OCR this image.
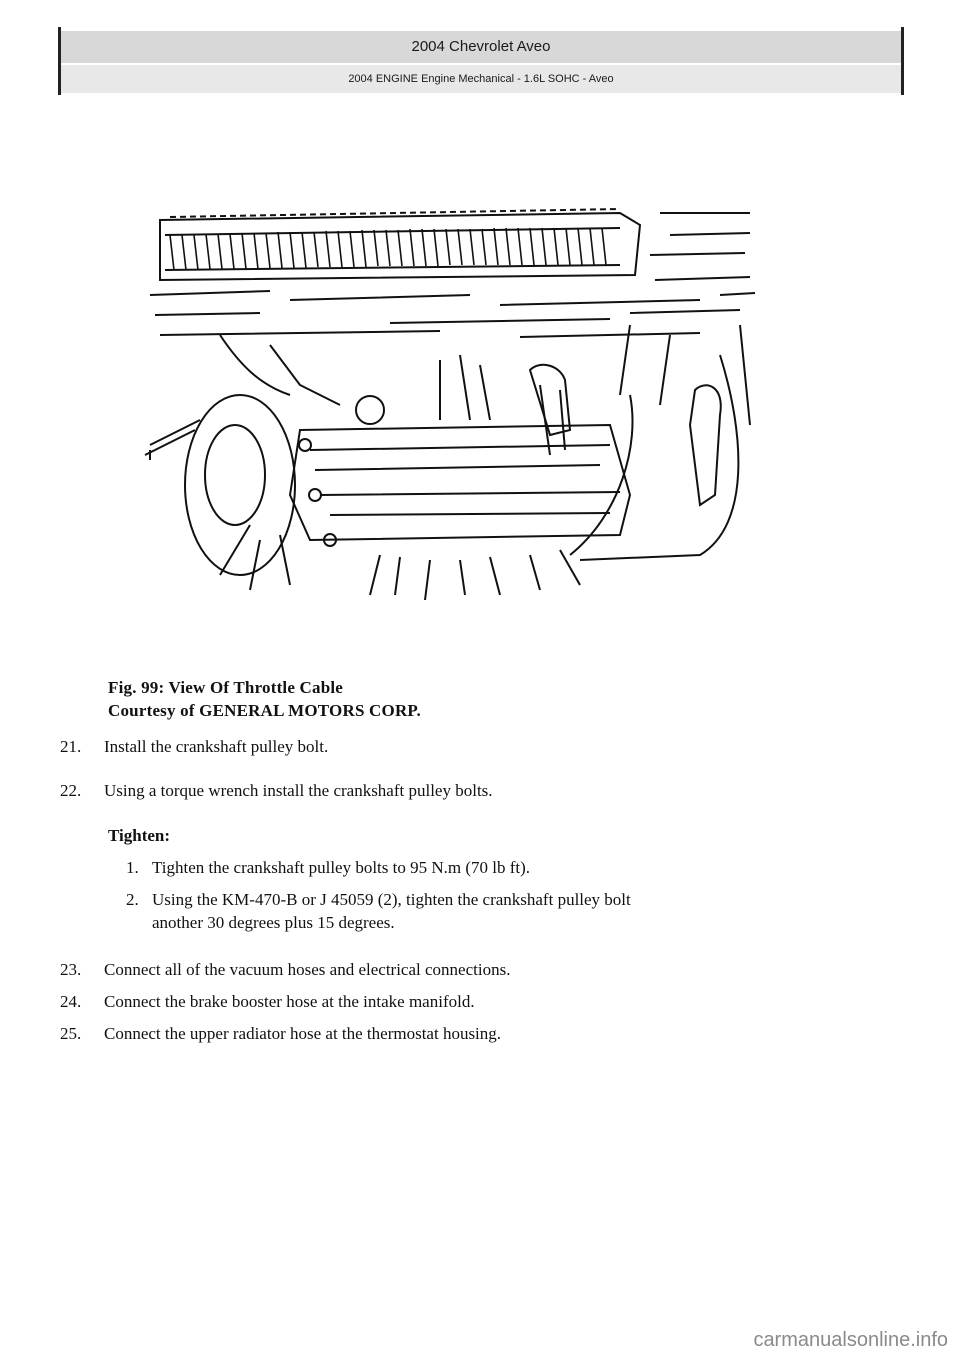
2004 Chevrolet Aveo
2004 ENGINE Engine Mechanical - 1.6L SOHC - Aveo
Fig. 99: View Of Throttle Cable
Courtesy of GENERAL MOTORS CORP.
21. Install the crankshaft pulley bolt.
22. Using a torque wrench install the crankshaft pulley bolts.
Tighten:
1. Tighten the crankshaft pulley bolts to 95 N.m (70 lb ft).
2. Using the KM-470-B or J 45059 (2), tighten the crankshaft pulley bolt
another 30 degrees plus 15 degrees.
23. Connect all of the vacuum hoses and electrical connections.
24. Connect the brake booster hose at the intake manifold.
25. Connect the upper radiator hose at the thermostat housing.
carmanualsonline.info
